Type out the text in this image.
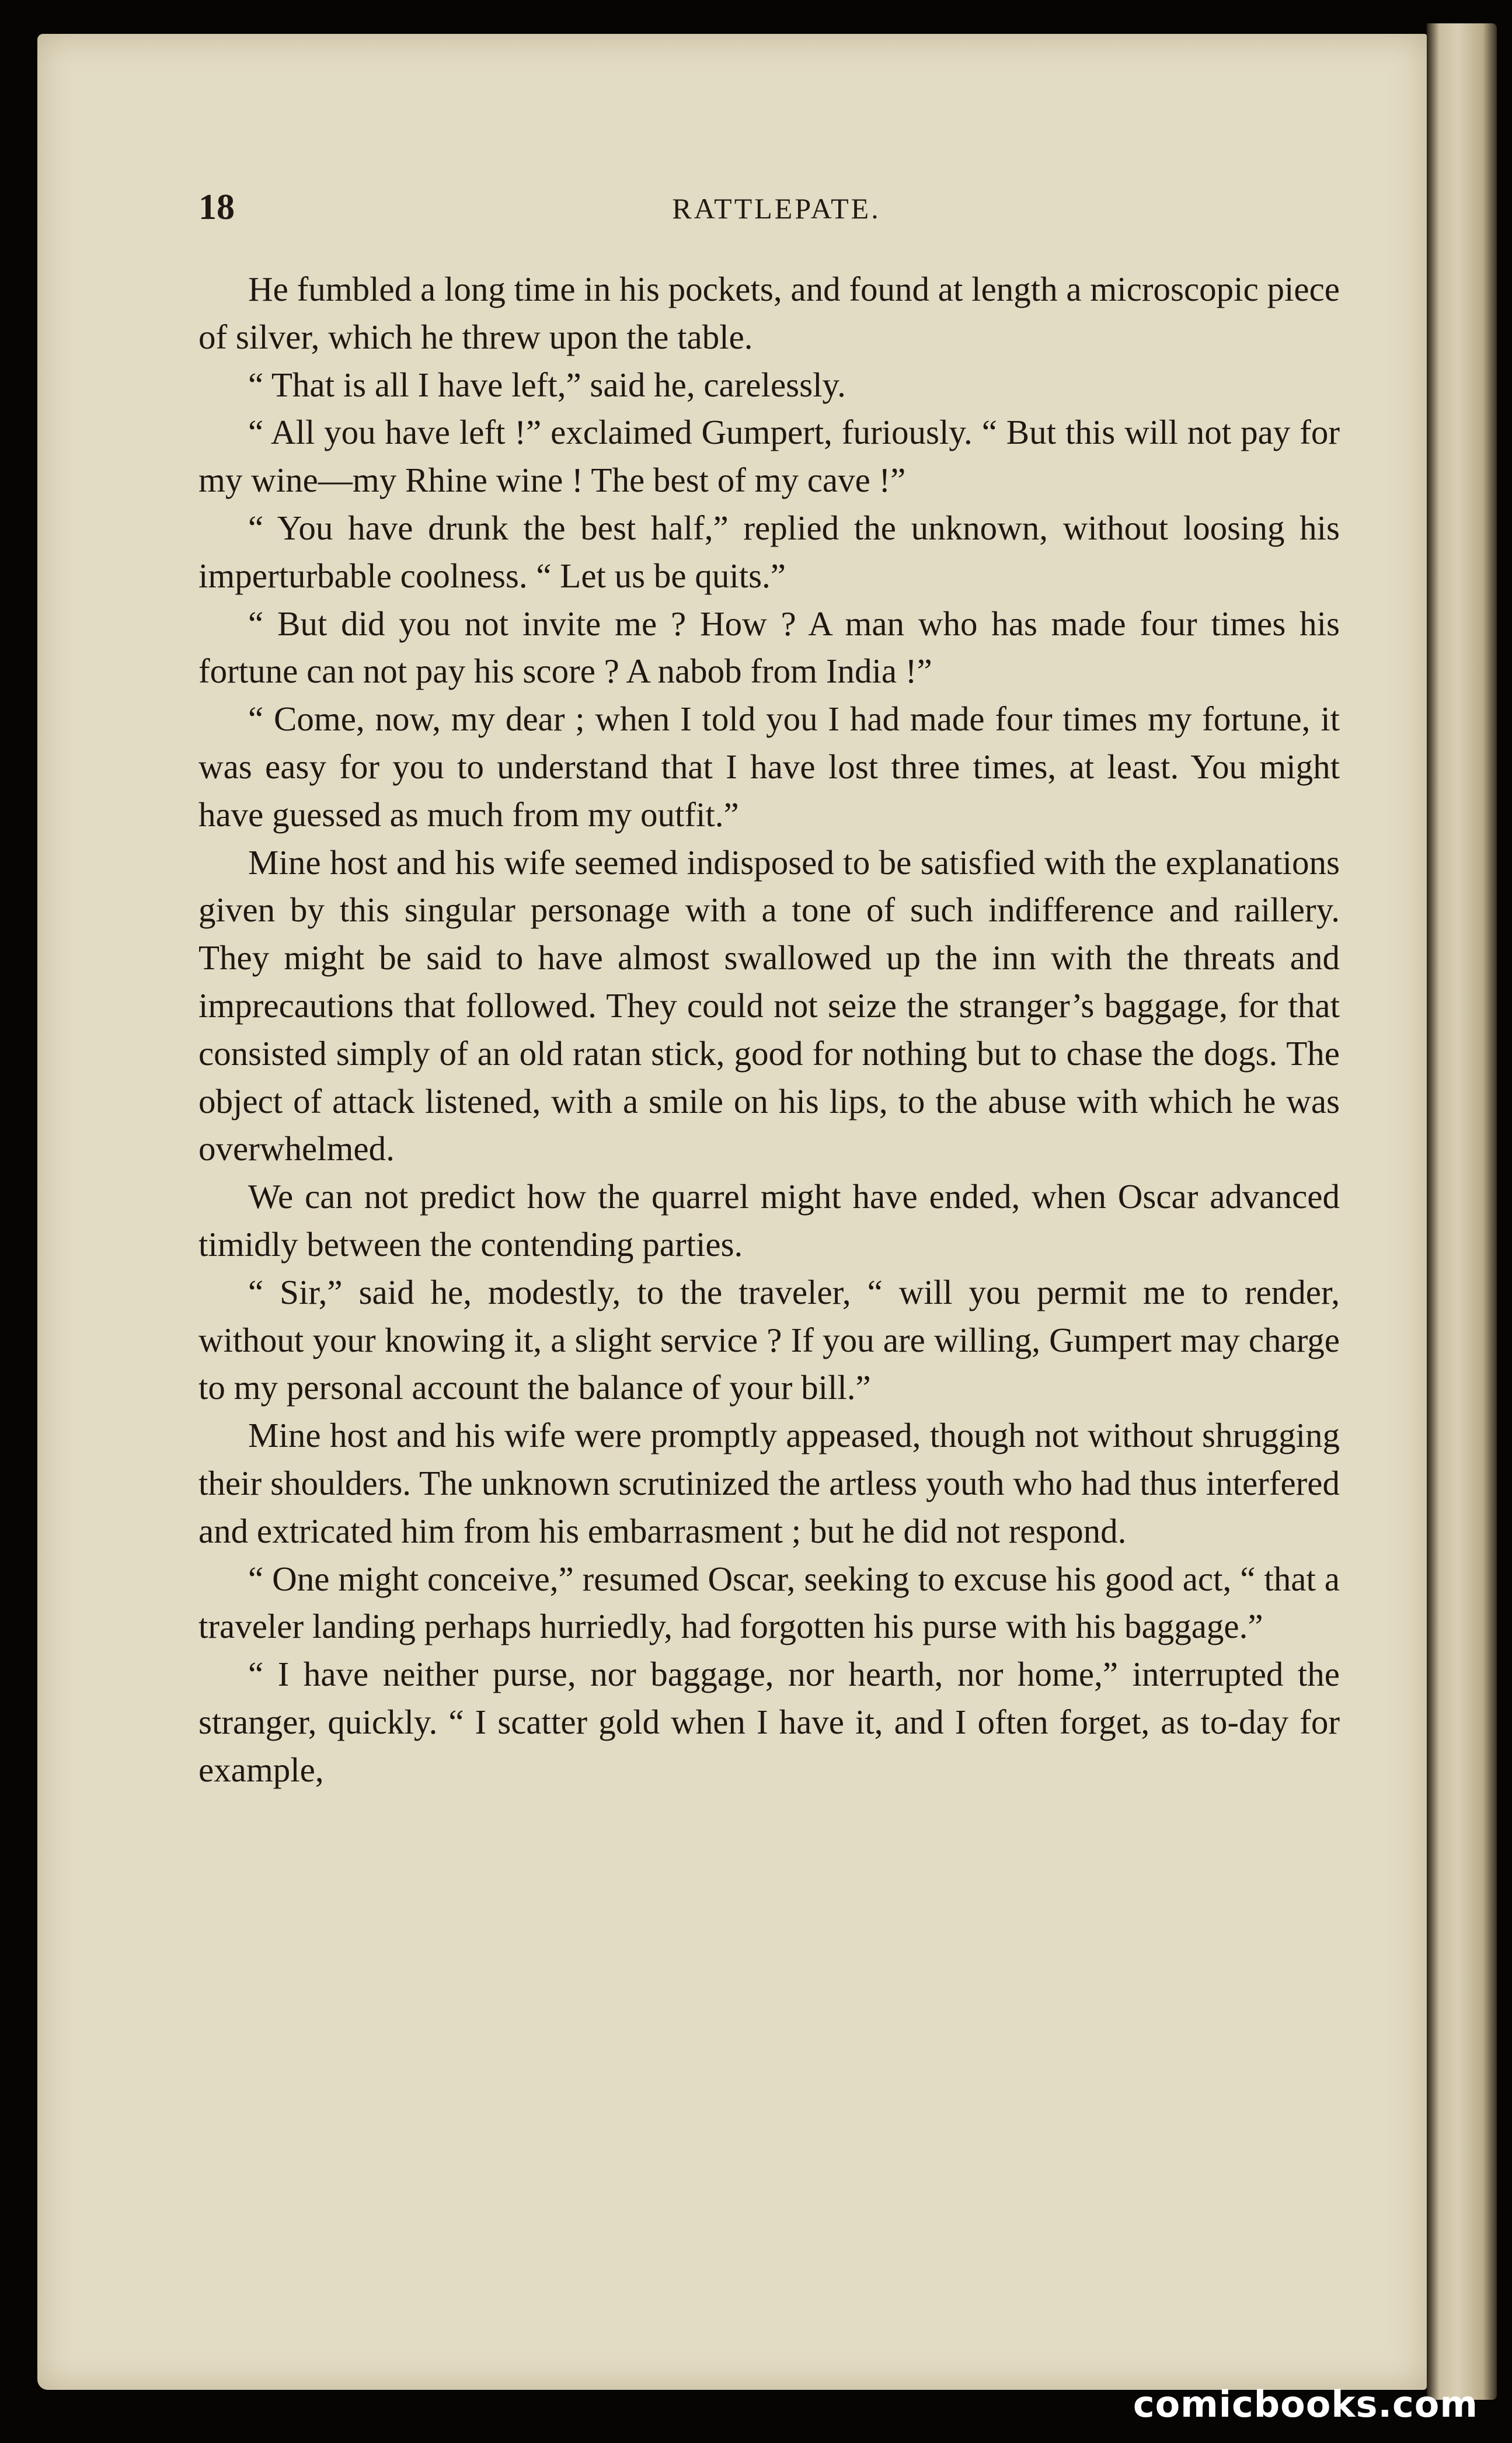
18	RATTLEPATE.

He fumbled a long time in his pockets, and found at length a microscopic piece of silver, which he threw upon the table.

“ That is all I have left,” said he, carelessly.

“ All you have left !” exclaimed Gumpert, furiously. “ But this will not pay for my wine—my Rhine wine ! The best of my cave !”

“ You have drunk the best half,” replied the unknown, without loosing his imperturbable coolness. “ Let us be quits.”

“ But did you not invite me ? How ? A man who has made four times his fortune can not pay his score ? A nabob from India !”

“ Come, now, my dear ; when I told you I had made four times my fortune, it was easy for you to understand that I have lost three times, at least. You might have guessed as much from my outfit.”

Mine host and his wife seemed indisposed to be satisfied with the explanations given by this singular personage with a tone of such indifference and raillery. They might be said to have almost swallowed up the inn with the threats and imprecautions that followed. They could not seize the stranger’s baggage, for that consisted simply of an old ratan stick, good for nothing but to chase the dogs. The object of attack listened, with a smile on his lips, to the abuse with which he was overwhelmed.

We can not predict how the quarrel might have ended, when Oscar advanced timidly between the contending parties.

“ Sir,” said he, modestly, to the traveler, “ will you permit me to render, without your knowing it, a slight service ? If you are willing, Gumpert may charge to my personal account the balance of your bill.”

Mine host and his wife were promptly appeased, though not without shrugging their shoulders. The unknown scrutinized the artless youth who had thus interfered and extricated him from his embarrasment ; but he did not respond.

“ One might conceive,” resumed Oscar, seeking to excuse his good act, “ that a traveler landing perhaps hurriedly, had forgotten his purse with his baggage.”

“ I have neither purse, nor baggage, nor hearth, nor home,” interrupted the stranger, quickly. “ I scatter gold when I have it, and I often forget, as to-day for example,

comicbooks.com
